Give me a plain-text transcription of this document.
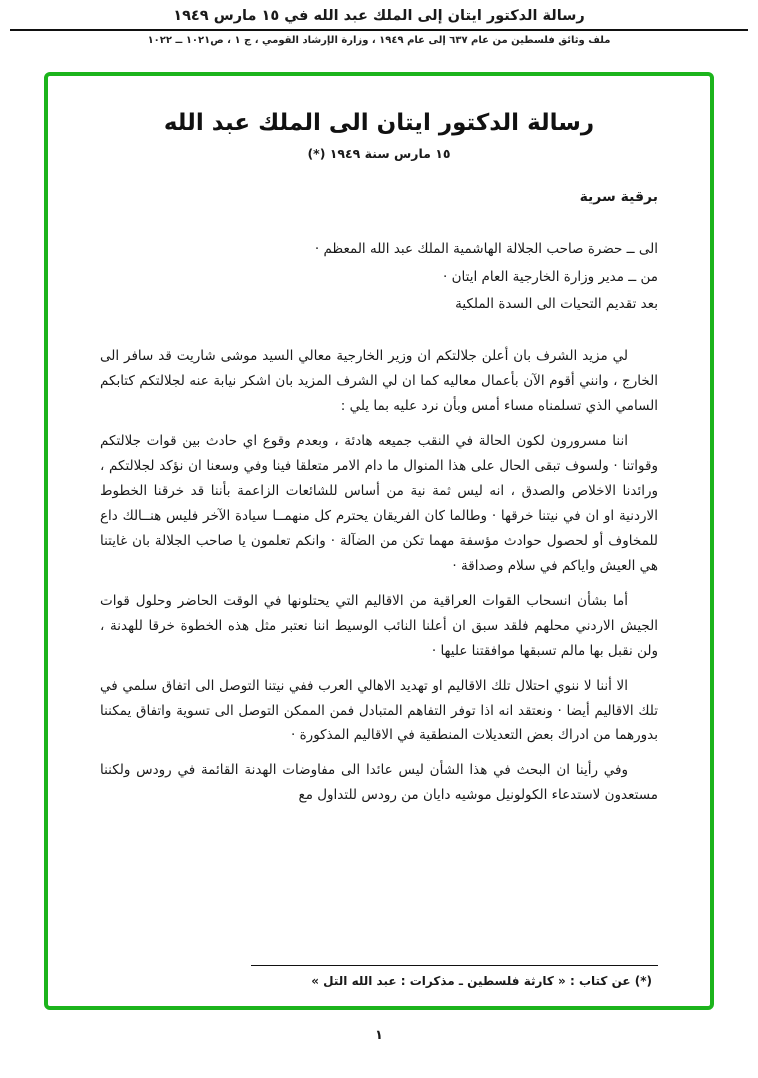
رسالة الدكتور ايتان إلى الملك عبد الله في ١٥ مارس ١٩٤٩
ملف وثائق فلسطين من عام ٦٣٧ إلى عام ١٩٤٩ ، وزارة الإرشاد القومي ، ج ١ ، ص١٠٢١ ــ ١٠٢٢
رسالة الدكتور ايتان الى الملك عبد الله
١٥ مارس سنة ١٩٤٩ (*)
برقية سرية
الى ــ حضرة صاحب الجلالة الهاشمية الملك عبد الله المعظم ·
من ــ مدير وزارة الخارجية العام ايتان ·
بعد تقديم التحيات الى السدة الملكية

لي مزيد الشرف بان أعلن جلالتكم ان وزير الخارجية معالي السيد موشى شاريت قد سافر الى الخارج ، وانني أقوم الآن بأعمال معاليه كما ان لي الشرف المزيد بان اشكر نيابة عنه لجلالتكم كتابكم السامي الذي تسلمناه مساء أمس وبأن نرد عليه بما يلي :

اننا مسرورون لكون الحالة في النقب جميعه هادئة ، وبعدم وقوع اي حادث بين قوات جلالتكم وقواتنا · ولسوف تبقى الحال على هذا المنوال ما دام الامر متعلقا فينا وفي وسعنا ان نؤكد لجلالتكم ، ورائدنا الاخلاص والصدق ، انه ليس ثمة نية من أساس للشائعات الزاعمة بأننا قد خرقنا الخطوط الاردنية او ان في نيتنا خرقها · وطالما كان الفريقان يحترم كل منهمــا سيادة الآخر فليس هنــالك داع للمخاوف أو لحصول حوادث مؤسفة مهما تكن من الضآلة · وانكم تعلمون يا صاحب الجلالة بان غايتنا هي العيش واياكم في سلام وصداقة ·

أما بشأن انسحاب القوات العراقية من الاقاليم التي يحتلونها في الوقت الحاضر وحلول قوات الجيش الاردني محلهم فلقد سبق ان أعلنا النائب الوسيط اننا نعتبر مثل هذه الخطوة خرقا للهدنة ، ولن نقبل بها مالم تسبقها موافقتنا عليها ·

الا أننا لا ننوي احتلال تلك الاقاليم او تهديد الاهالي العرب ففي نيتنا التوصل الى اتفاق سلمي في تلك الاقاليم أيضا · ونعتقد انه اذا توفر التفاهم المتبادل فمن الممكن التوصل الى تسوية واتفاق يمكننا بدورهما من ادراك بعض التعديلات المنطقية في الاقاليم المذكورة ·

وفي رأينا ان البحث في هذا الشأن ليس عائدا الى مفاوضات الهدنة القائمة في رودس ولكننا مستعدون لاستدعاء الكولونيل موشيه دايان من رودس للتداول مع

(*) عن كتاب : « كارثة فلسطين ـ مذكرات : عبد الله التل »
١
